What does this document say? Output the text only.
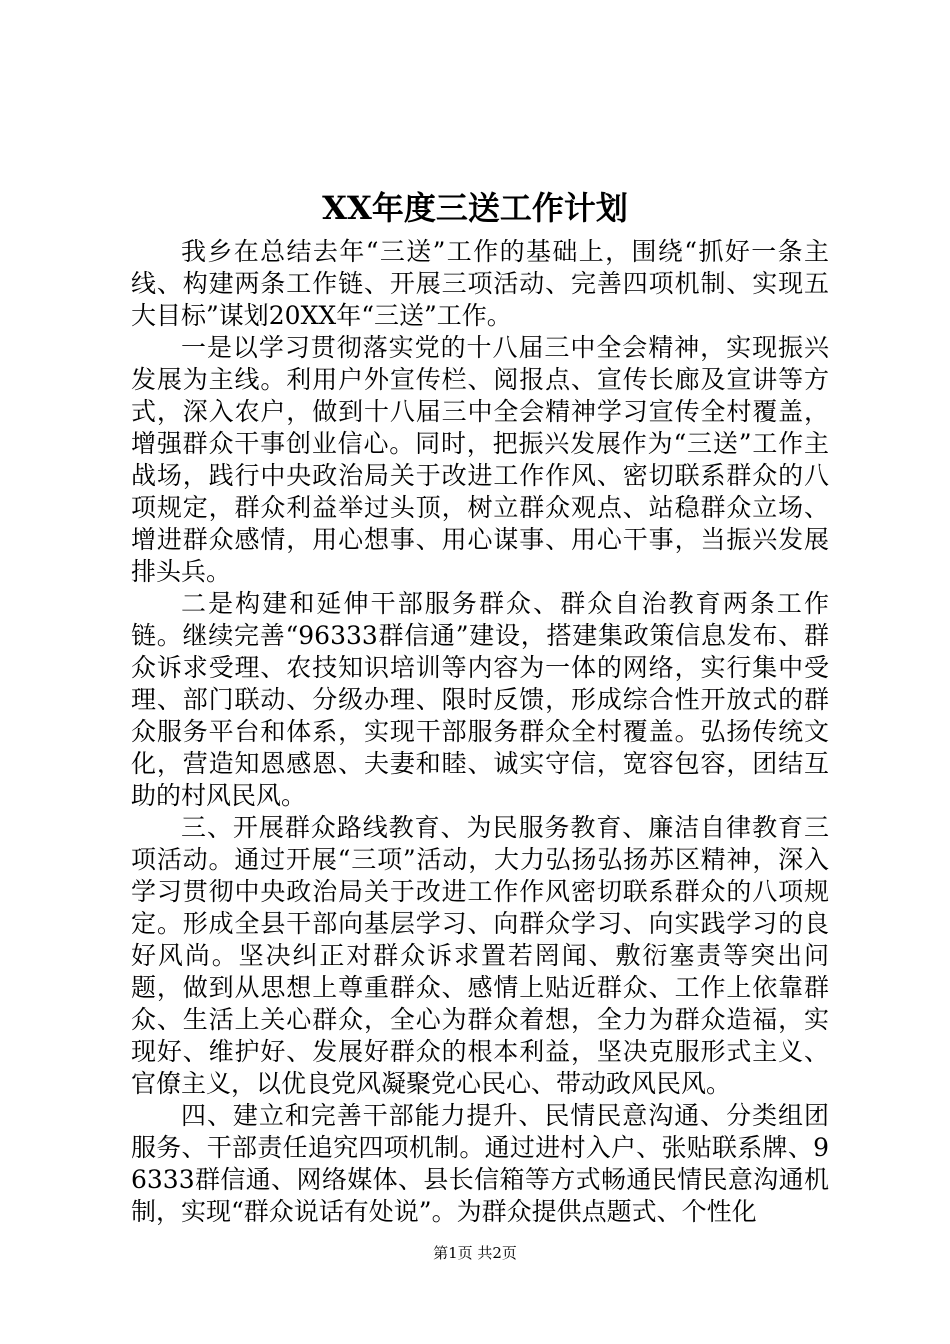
XX年度三送工作计划

我乡在总结去年“三送”工作的基础上，围绕“抓好一条主线、构建两条工作链、开展三项活动、完善四项机制、实现五大目标”谋划20XX年“三送”工作。

一是以学习贯彻落实党的十八届三中全会精神，实现振兴发展为主线。利用户外宣传栏、阅报点、宣传长廊及宣讲等方式，深入农户，做到十八届三中全会精神学习宣传全村覆盖，增强群众干事创业信心。同时，把振兴发展作为“三送”工作主战场，践行中央政治局关于改进工作作风、密切联系群众的八项规定，群众利益举过头顶，树立群众观点、站稳群众立场、增进群众感情，用心想事、用心谋事、用心干事，当振兴发展排头兵。

二是构建和延伸干部服务群众、群众自治教育两条工作链。继续完善“96333群信通”建设，搭建集政策信息发布、群众诉求受理、农技知识培训等内容为一体的网络，实行集中受理、部门联动、分级办理、限时反馈，形成综合性开放式的群众服务平台和体系，实现干部服务群众全村覆盖。弘扬传统文化，营造知恩感恩、夫妻和睦、诚实守信，宽容包容，团结互助的村风民风。

三、开展群众路线教育、为民服务教育、廉洁自律教育三项活动。通过开展“三项”活动，大力弘扬弘扬苏区精神，深入学习贯彻中央政治局关于改进工作作风密切联系群众的八项规定。形成全县干部向基层学习、向群众学习、向实践学习的良好风尚。坚决纠正对群众诉求置若罔闻、敷衍塞责等突出问题，做到从思想上尊重群众、感情上贴近群众、工作上依靠群众、生活上关心群众，全心为群众着想，全力为群众造福，实现好、维护好、发展好群众的根本利益，坚决克服形式主义、官僚主义，以优良党风凝聚党心民心、带动政风民风。

四、建立和完善干部能力提升、民情民意沟通、分类组团服务、干部责任追究四项机制。通过进村入户、张贴联系牌、96333群信通、网络媒体、县长信箱等方式畅通民情民意沟通机制，实现“群众说话有处说”。为群众提供点题式、个性化

第1页 共2页
